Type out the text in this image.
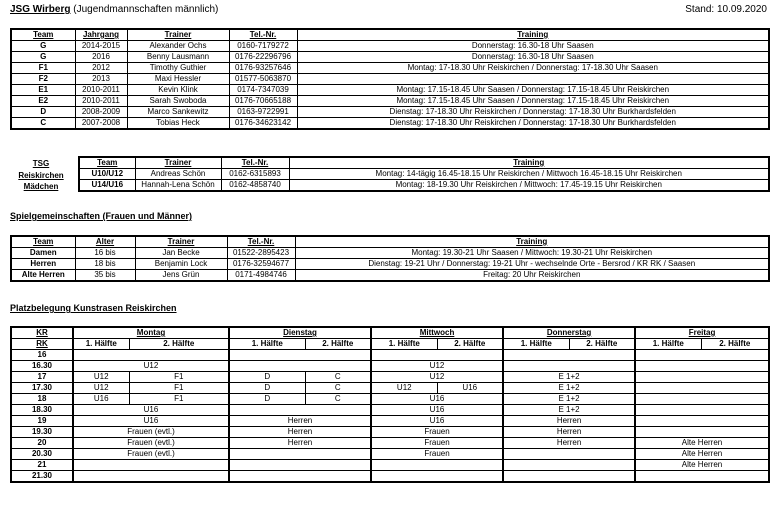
JSG Wirberg (Jugendmannschaften männlich)	Stand: 10.09.2020
Team	Jahrgang	Trainer	Tel.-Nr.	Training
G	2014-2015	Alexander Ochs	0160-7179272	Donnerstag: 16.30-18 Uhr Saasen
G	2016	Benny Lausmann	0176-22296796	Donnerstag: 16.30-18 Uhr Saasen
F1	2012	Timothy Guthier	0176-93257646	Montag: 17-18.30 Uhr Reiskirchen / Donnerstag: 17-18.30 Uhr Saasen
F2	2013	Maxi Hessler	01577-5063870	
E1	2010-2011	Kevin Klink	0174-7347039	Montag: 17.15-18.45 Uhr Saasen / Donnerstag: 17.15-18.45 Uhr Reiskirchen
E2	2010-2011	Sarah Swoboda	0176-70665188	Montag: 17.15-18.45 Uhr Saasen / Donnerstag: 17.15-18.45 Uhr Reiskirchen
D	2008-2009	Marco Sankewitz	0163-9722991	Dienstag: 17-18.30 Uhr Reiskirchen / Donnerstag: 17-18.30 Uhr Burkhardsfelden
C	2007-2008	Tobias Heck	0176-34623142	Dienstag: 17-18.30 Uhr Reiskirchen / Donnerstag: 17-18.30 Uhr Burkhardsfelden
TSG
Reiskirchen
Mädchen
Team	Trainer	Tel.-Nr.	Training
U10/U12	Andreas Schön	0162-6315893	Montag: 14-tägig 16.45-18.15 Uhr Reiskirchen / Mittwoch 16.45-18.15 Uhr Reiskirchen
U14/U16	Hannah-Lena Schön	0162-4858740	Montag: 18-19.30 Uhr Reiskirchen / Mittwoch: 17.45-19.15 Uhr Reiskirchen
Spielgemeinschaften (Frauen und Männer)
Team	Alter	Trainer	Tel.-Nr.	Training
Damen	16 bis	Jan Becke	01522-2895423	Montag: 19.30-21 Uhr Saasen / Mittwoch: 19.30-21 Uhr Reiskirchen
Herren	18 bis	Benjamin Lock	0176-32594677	Dienstag: 19-21 Uhr / Donnerstag: 19-21 Uhr - wechselnde Orte - Bersrod / KR RK / Saasen
Alte Herren	35 bis	Jens Grün	0171-4984746	Freitag: 20 Uhr Reiskirchen
Platzbelegung Kunstrasen Reiskirchen
KR	Montag		Dienstag		Mittwoch		Donnerstag		Freitag	
RK	1. Hälfte	2. Hälfte	1. Hälfte	2. Hälfte	1. Hälfte	2. Hälfte	1. Hälfte	2. Hälfte	1. Hälfte	2. Hälfte
16										
16.30	U12				U12					
17	U12	F1	D	C	U12		E 1+2			
17.30	U12	F1	D	C	U12	U16	E 1+2			
18	U16	F1	D	C	U16		E 1+2			
18.30	U16				U16		E 1+2			
19	U16		Herren		U16		Herren			
19.30	Frauen (evtl.)		Herren		Frauen		Herren			
20	Frauen (evtl.)		Herren		Frauen		Herren		Alte Herren	
20.30	Frauen (evtl.)				Frauen				Alte Herren	
21									Alte Herren	
21.30										
